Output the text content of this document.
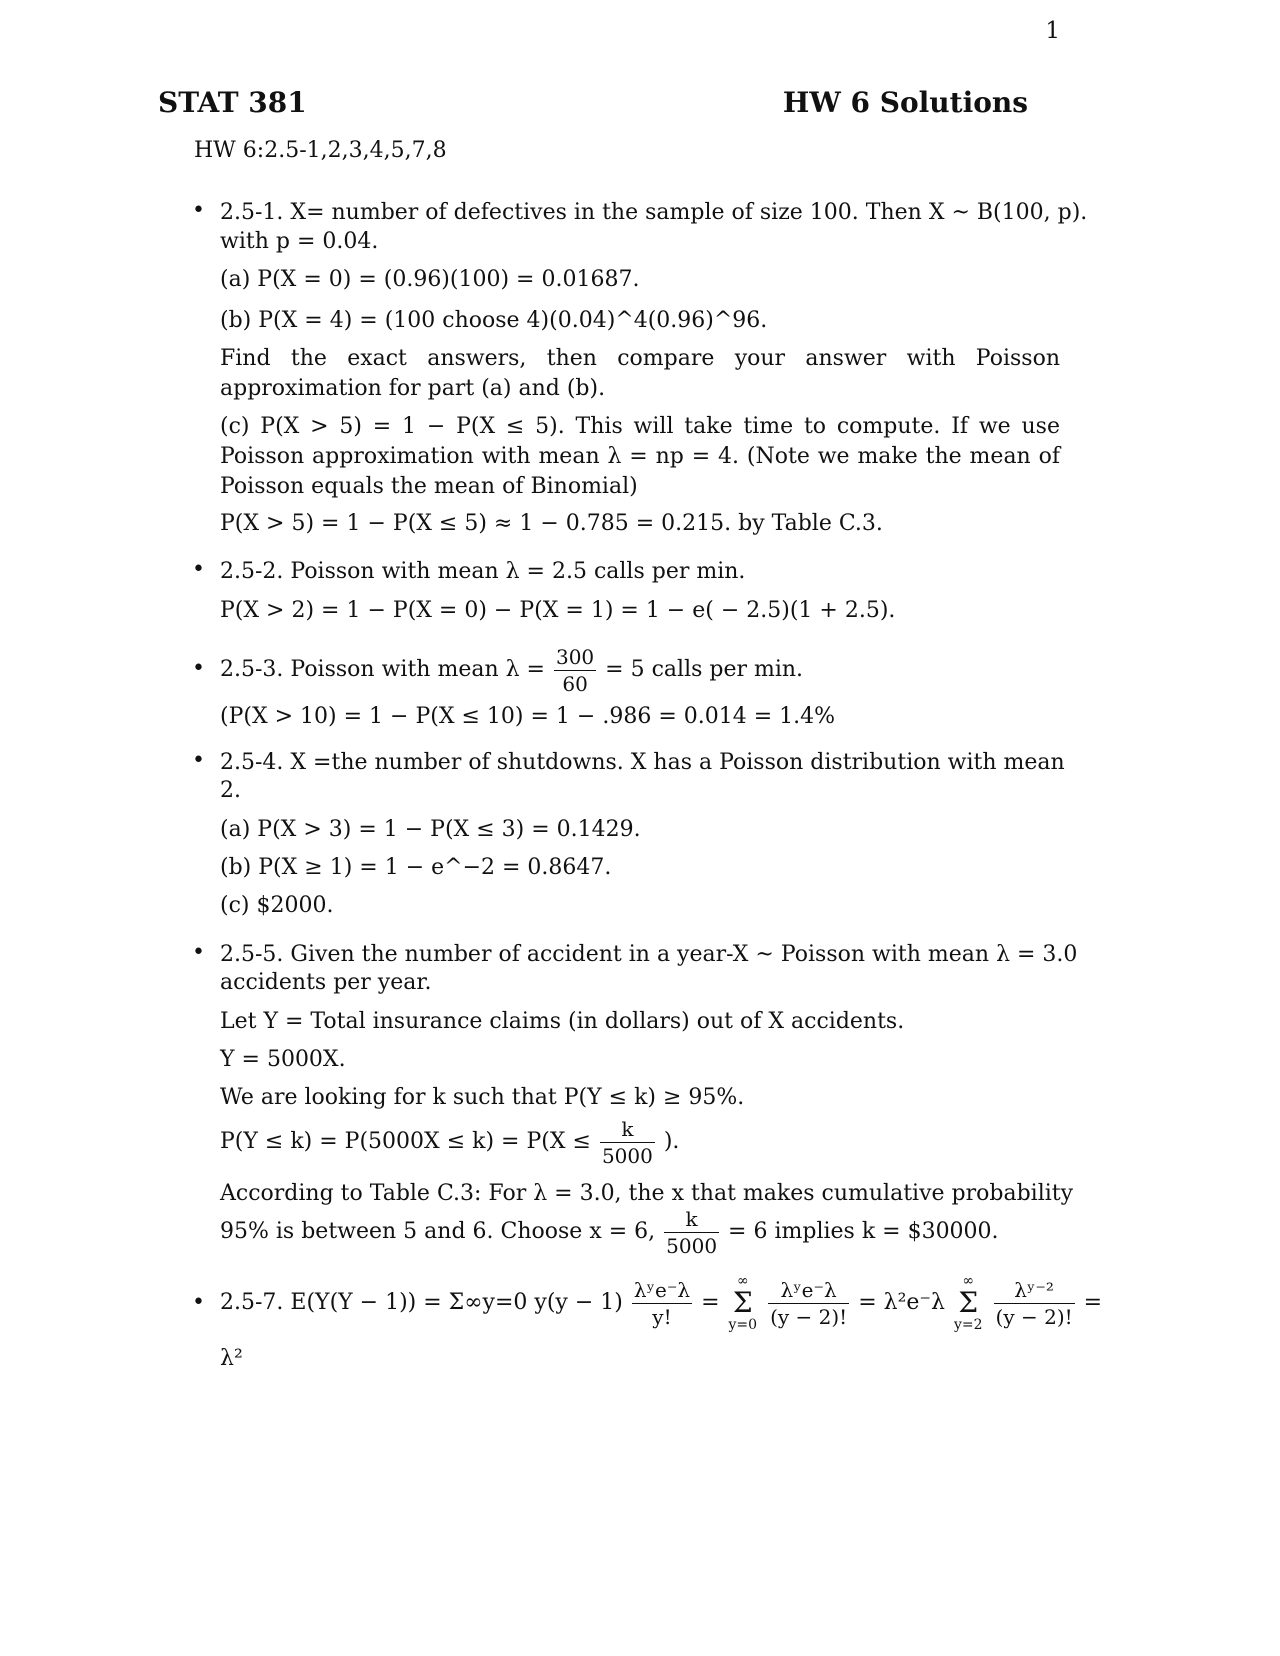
1
STAT 381	HW 6 Solutions
HW 6:2.5-1,2,3,4,5,7,8
• 2.5-1. X= number of defectives in the sample of size 100. Then X ~ B(100, p).
with p = 0.04.
(a) P(X = 0) = (0.96)(100) = 0.01687.
(b) P(X = 4) = (100 choose 4)(0.04)^4(0.96)^96.
Find the exact answers, then compare your answer with Poisson approximation for part (a) and (b).
(c) P(X > 5) = 1 − P(X ≤ 5). This will take time to compute. If we use Poisson approximation with mean λ = np = 4. (Note we make the mean of Poisson equals the mean of Binomial)
P(X > 5) = 1 − P(X ≤ 5) ≈ 1 − 0.785 = 0.215. by Table C.3.
• 2.5-2. Poisson with mean λ = 2.5 calls per min.
P(X > 2) = 1 − P(X = 0) − P(X = 1) = 1 − e( − 2.5)(1 + 2.5).
• 2.5-3. Poisson with mean $\lambda = \frac{300}{60} = 5$ calls per min.
(P(X > 10) = 1 − P(X ≤ 10) = 1 − .986 = 0.014 = 1.4%
• 2.5-4. X =the number of shutdowns. X has a Poisson distribution with mean
2.
(a) P(X > 3) = 1 − P(X ≤ 3) = 0.1429.
(b) P(X ≥ 1) = 1 − e^−2 = 0.8647.
(c) $2000.
• 2.5-5. Given the number of accident in a year-X ~ Poisson with mean λ = 3.0
accidents per year.
Let Y = Total insurance claims (in dollars) out of X accidents.
Y = 5000X.
We are looking for k such that P(Y ≤ k) ≥ 95%.
$P(Y \le k) = P(5000X \le k) = P(X \le \frac{k}{5000}$ ).
According to Table C.3: For λ = 3.0, the x that makes cumulative probability
95% is between 5 and 6. Choose x = 6, $\frac{k}{5000} = 6$ implies k = $30000.
• 2.5-7. E(Y(Y − 1)) = Σ∞y=0 $y(y - 1) \frac{\text{λʸe⁻λ}}{y!}$ = ∞
Σ
$y=0 \frac{\text{λʸe⁻λ}}{(y - 2)!} = \lambda^2e^-\lambda$ ∞
Σ
$y=2 \frac{\text{λʸ⁻²}}{(y - 2)!}$ =
λ²
